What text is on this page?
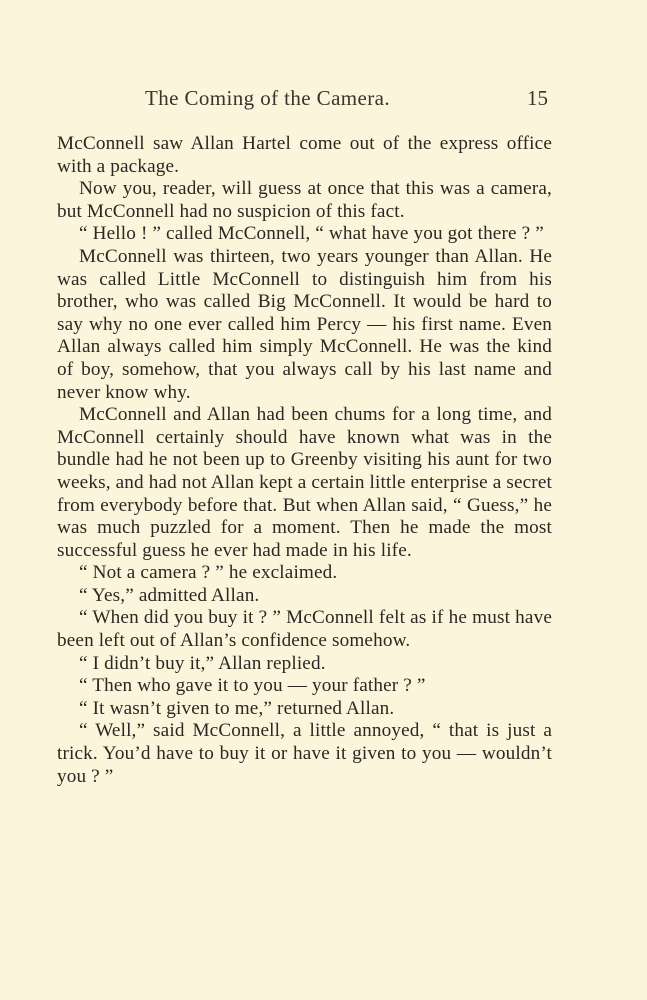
The Coming of the Camera.	15

McConnell saw Allan Hartel come out of the express office with a package.

Now you, reader, will guess at once that this was a camera, but McConnell had no suspicion of this fact.

“ Hello ! ” called McConnell, “ what have you got there ? ”

McConnell was thirteen, two years younger than Allan. He was called Little McConnell to distinguish him from his brother, who was called Big McConnell. It would be hard to say why no one ever called him Percy — his first name. Even Allan always called him simply McConnell. He was the kind of boy, somehow, that you always call by his last name and never know why.

McConnell and Allan had been chums for a long time, and McConnell certainly should have known what was in the bundle had he not been up to Greenby visiting his aunt for two weeks, and had not Allan kept a certain little enterprise a secret from everybody before that. But when Allan said, “ Guess,” he was much puzzled for a moment. Then he made the most successful guess he ever had made in his life.

“ Not a camera ? ” he exclaimed.

“ Yes,” admitted Allan.

“ When did you buy it ? ” McConnell felt as if he must have been left out of Allan’s confidence somehow.

“ I didn’t buy it,” Allan replied.

“ Then who gave it to you — your father ? ”

“ It wasn’t given to me,” returned Allan.

“ Well,” said McConnell, a little annoyed, “ that is just a trick. You’d have to buy it or have it given to you — wouldn’t you ? ”
